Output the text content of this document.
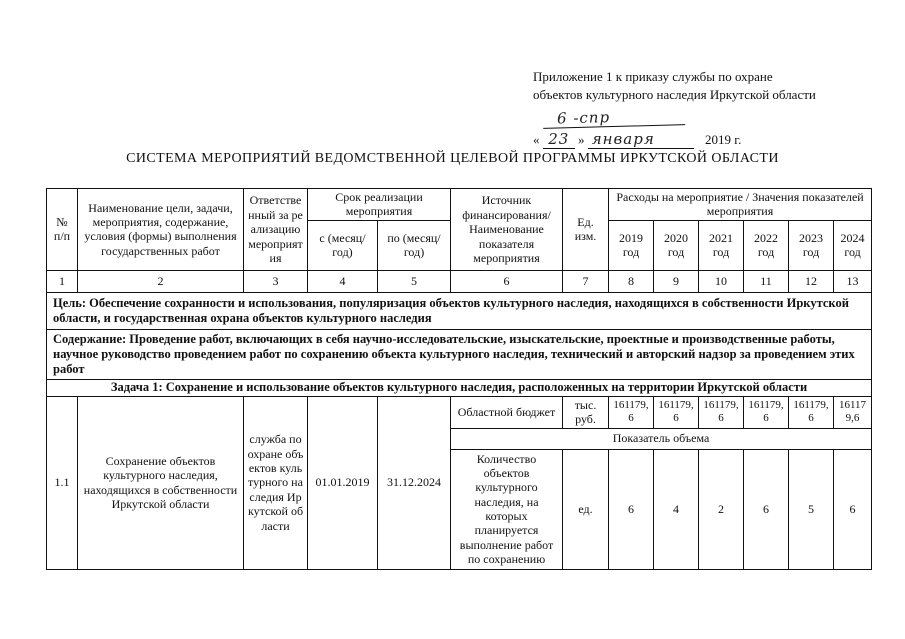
Приложение 1 к приказу службы по охране
объектов культурного наследия Иркутской области
6 -спр
« 23 » января	2019 г.
СИСТЕМА МЕРОПРИЯТИЙ ВЕДОМСТВЕННОЙ ЦЕЛЕВОЙ ПРОГРАММЫ ИРКУТСКОЙ ОБЛАСТИ
№ п/п	Наименование цели, задачи, мероприятия, содержание, условия (формы) выполнения государственных работ	Ответственный за реализацию мероприятия	Срок реализации мероприятия		Источник финансирования/ Наименование показателя мероприятия	Ед. изм.	Расходы на мероприятие / Значения показателей мероприятия					
			с (месяц/год)	по (месяц/год)			2019 год	2020 год	2021 год	2022 год	2023 год	2024 год
1	2	3	4	5	6	7	8	9	10	11	12	13
Цель: Обеспечение сохранности и использования, популяризация объектов культурного наследия, находящихся в собственности Иркутской области, и государственная охрана объектов культурного наследия												
Содержание: Проведение работ, включающих в себя научно-исследовательские, изыскательские, проектные и производственные работы, научное руководство проведением работ по сохранению объекта культурного наследия, технический и авторский надзор за проведением этих работ												
Задача 1: Сохранение и использование объектов культурного наследия, расположенных на территории Иркутской области												
1.1	Сохранение объектов культурного наследия, находящихся в собственности Иркутской области	служба по охране объектов культурного наследия Иркутской области	01.01.2019	31.12.2024	Областной бюджет	тыс. руб.	161179,6	161179,6	161179,6	161179,6	161179,6	161179,6
					Показатель объема							
					Количество объектов культурного наследия, на которых планируется выполнение работ по сохранению	ед.	6	4	2	6	5	6
